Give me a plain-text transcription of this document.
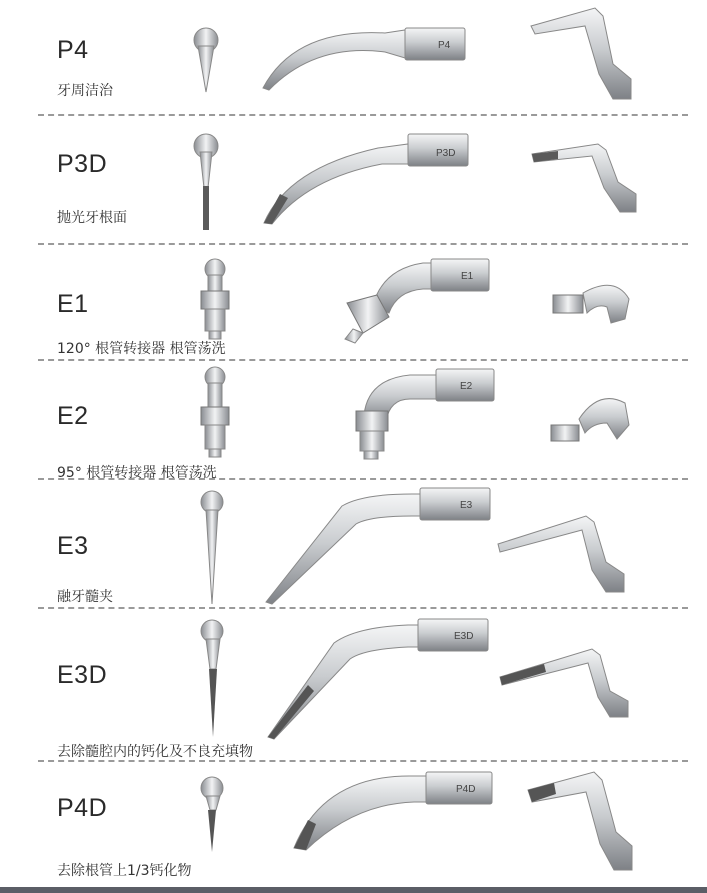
P4
牙周洁治
P4
P3D
抛光牙根面
P3D
E1
120° 根管转接器 根管荡洗
E1
E2
95° 根管转接器 根管荡洗
E2
E3
融牙髓夹
E3
E3D
去除髓腔内的钙化及不良充填物
E3D
P4D
去除根管上1/3钙化物
P4D
